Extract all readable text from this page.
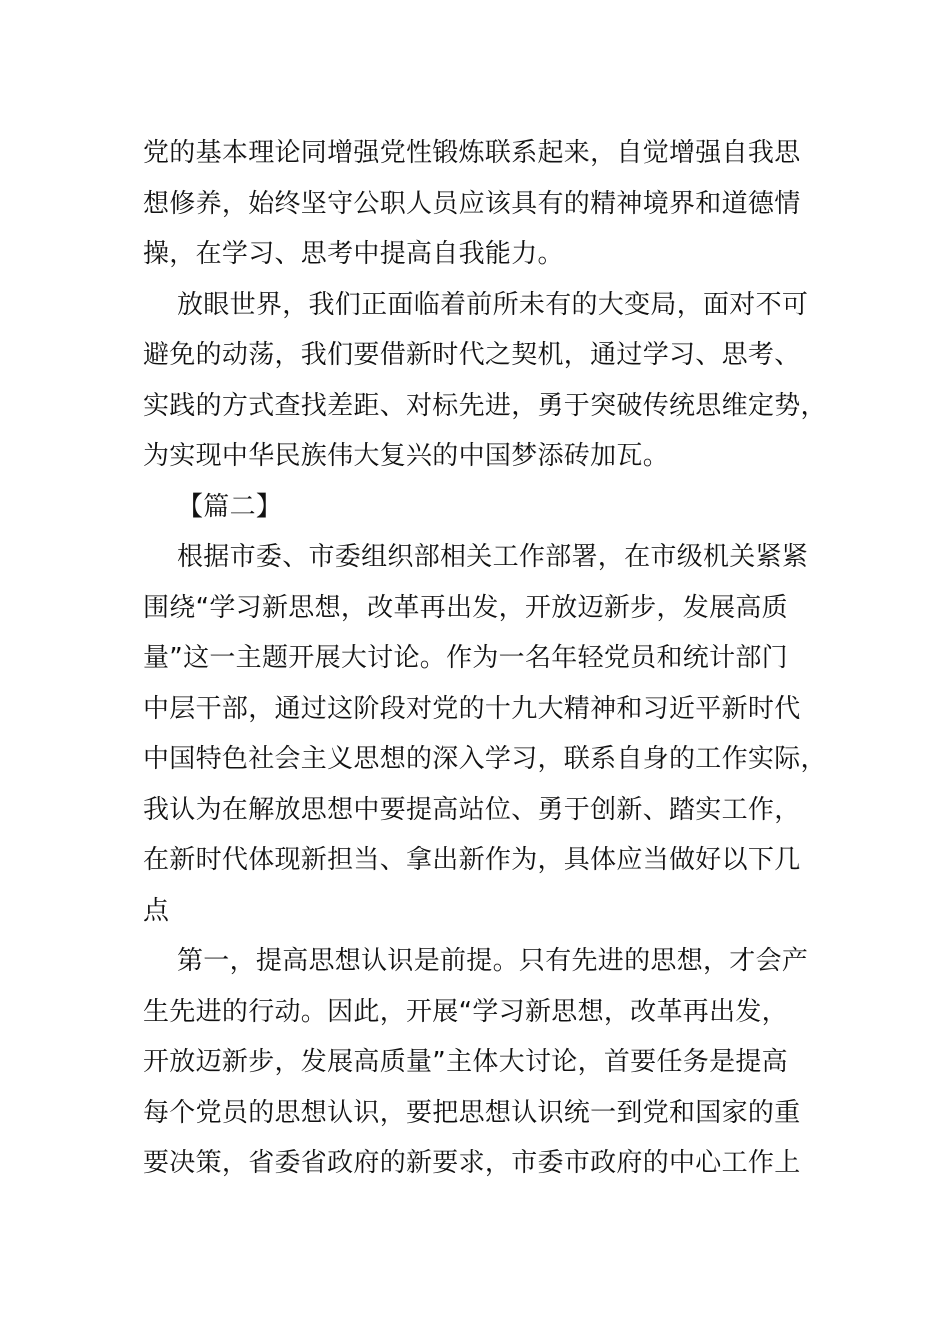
党的基本理论同增强党性锻炼联系起来，自觉增强自我思
想修养，始终坚守公职人员应该具有的精神境界和道德情
操，在学习、思考中提高自我能力。
放眼世界，我们正面临着前所未有的大变局，面对不可
避免的动荡，我们要借新时代之契机，通过学习、思考、
实践的方式查找差距、对标先进，勇于突破传统思维定势，
为实现中华民族伟大复兴的中国梦添砖加瓦。
【篇二】
根据市委、市委组织部相关工作部署，在市级机关紧紧
围绕“学习新思想，改革再出发，开放迈新步，发展高质
量”这一主题开展大讨论。作为一名年轻党员和统计部门
中层干部，通过这阶段对党的十九大精神和习近平新时代
中国特色社会主义思想的深入学习，联系自身的工作实际，
我认为在解放思想中要提高站位、勇于创新、踏实工作，
在新时代体现新担当、拿出新作为，具体应当做好以下几
点
第一，提高思想认识是前提。只有先进的思想，才会产
生先进的行动。因此，开展“学习新思想，改革再出发，
开放迈新步，发展高质量”主体大讨论，首要任务是提高
每个党员的思想认识，要把思想认识统一到党和国家的重
要决策，省委省政府的新要求，市委市政府的中心工作上
